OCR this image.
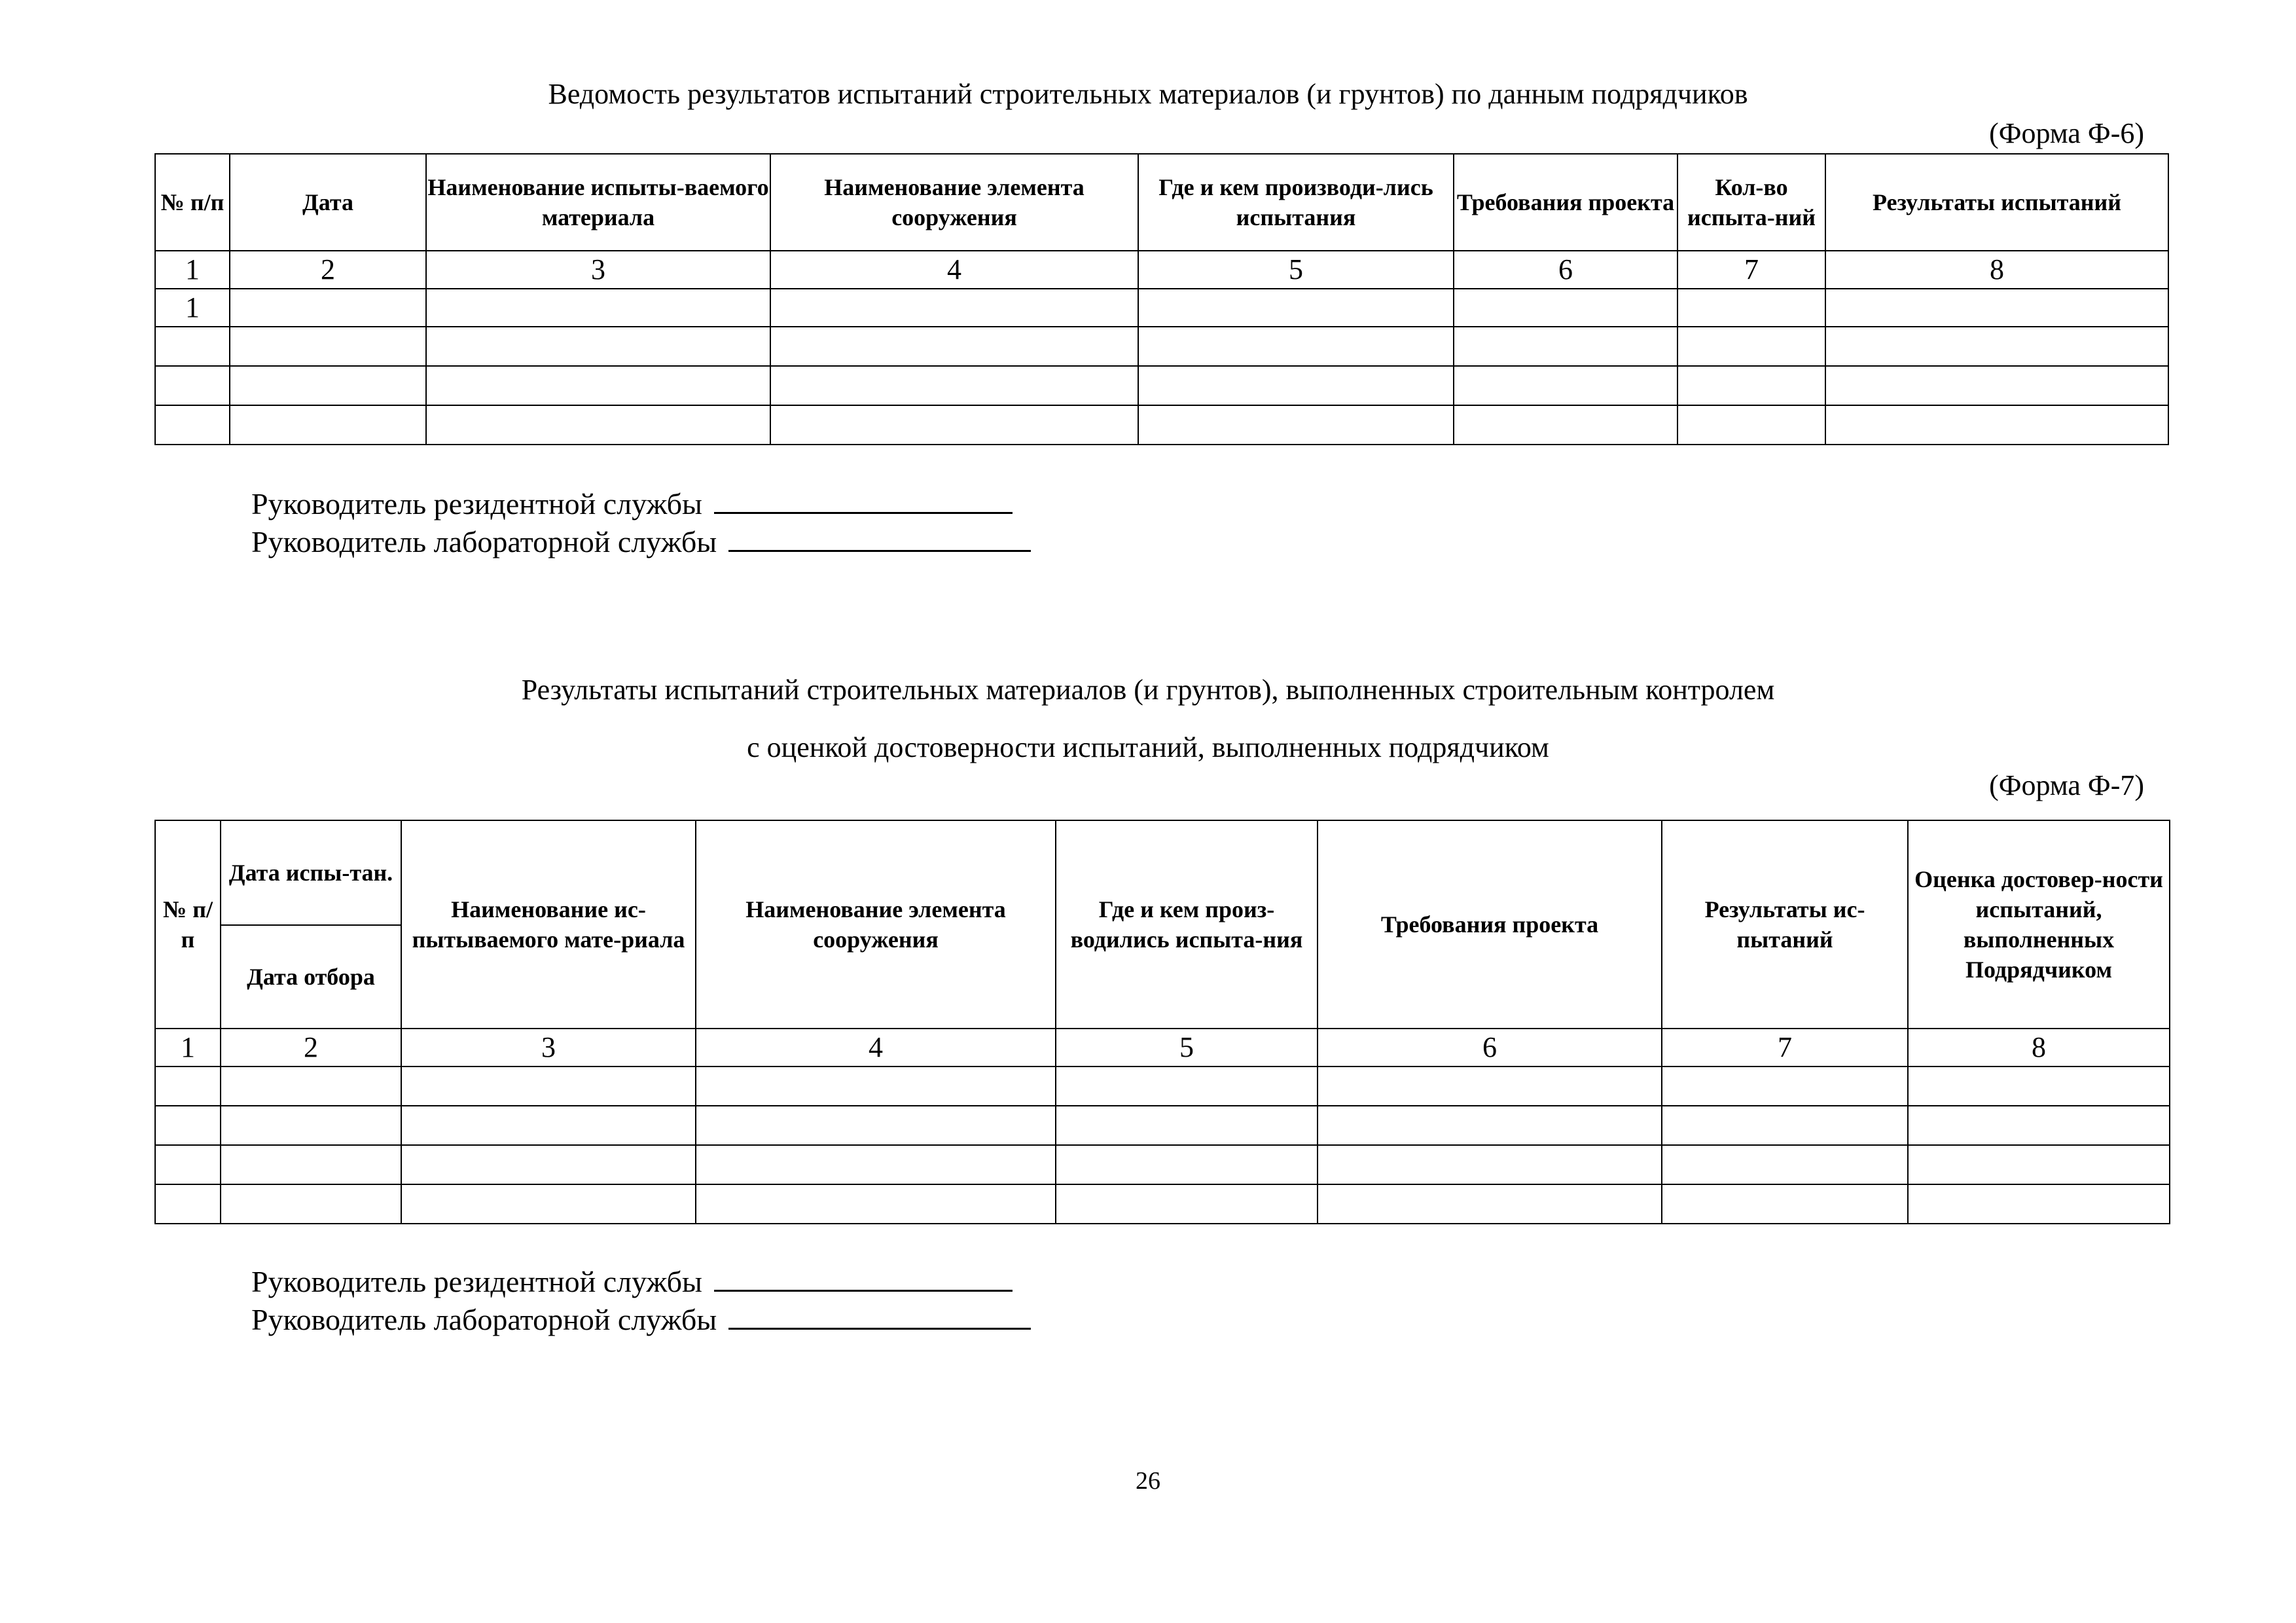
Ведомость результатов испытаний строительных материалов (и грунтов) по данным подрядчиков
(Форма Ф-6)
№ п/п	Дата	Наименование испыты-ваемого материала	Наименование элемента сооружения	Где и кем производи-лись испытания	Требования проекта	Кол-во испыта-ний	Результаты испытаний
1	2	3	4	5	6	7	8
1							

Руководитель резидентной службы
Руководитель лабораторной службы
Результаты испытаний строительных материалов (и грунтов), выполненных строительным контролем
с оценкой достоверности испытаний, выполненных подрядчиком
(Форма Ф-7)
№ п/ п	Дата испы-тан.	Наименование ис-пытываемого мате-риала	Наименование элемента сооружения	Где и кем произ-водились испыта-ния	Требования проекта	Результаты ис-пытаний	Оценка достовер-ности испытаний, выполненных Подрядчиком
	Дата отбора						
1	2	3	4	5	6	7	8

Руководитель резидентной службы
Руководитель лабораторной службы
26
